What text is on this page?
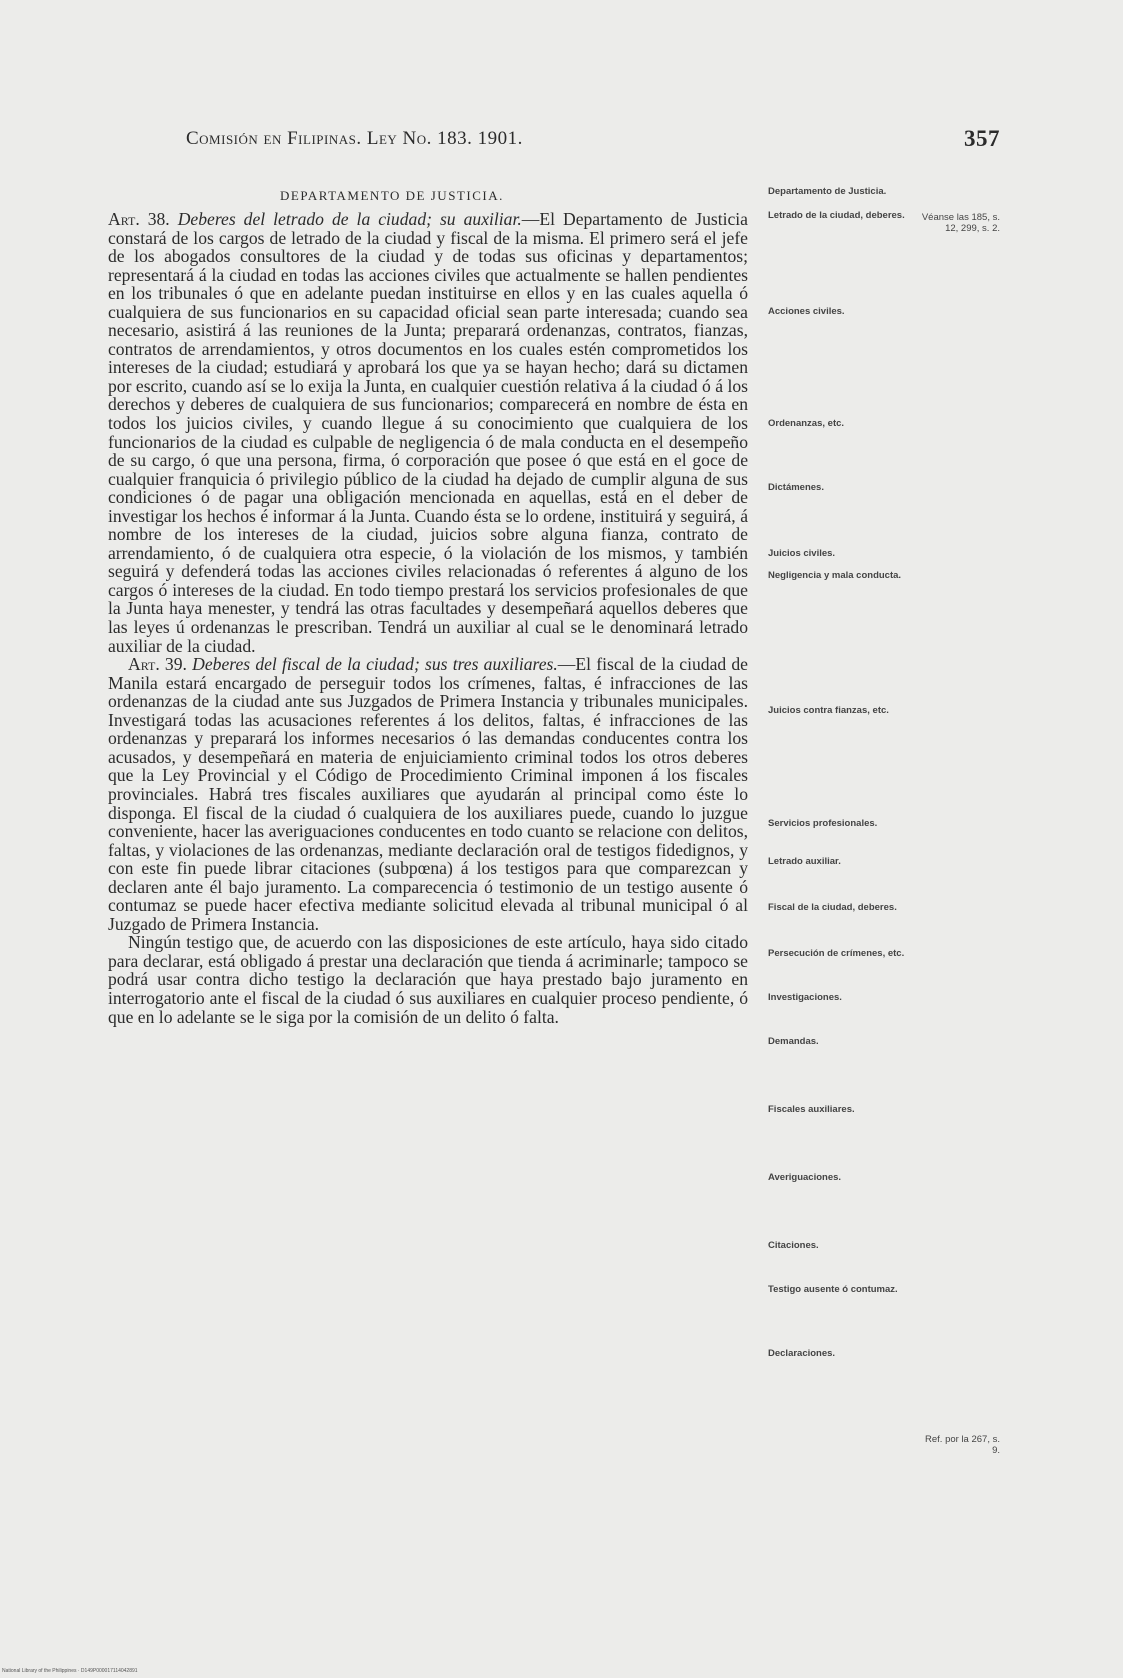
Comisión en Filipinas. Ley No. 183. 1901.	357
DEPARTAMENTO DE JUSTICIA.

Art. 38. Deberes del letrado de la ciudad; su auxiliar.—El Departamento de Justicia constará de los cargos de letrado de la ciudad y fiscal de la misma. El primero será el jefe de los abogados consultores de la ciudad y de todas sus oficinas y departamentos; representará á la ciudad en todas las acciones civiles que actualmente se hallen pendientes en los tribunales ó que en adelante puedan instituirse en ellos y en las cuales aquella ó cualquiera de sus funcionarios en su capacidad oficial sean parte interesada; cuando sea necesario, asistirá á las reuniones de la Junta; preparará ordenanzas, contratos, fianzas, contratos de arrendamientos, y otros documentos en los cuales estén comprometidos los intereses de la ciudad; estudiará y aprobará los que ya se hayan hecho; dará su dictamen por escrito, cuando así se lo exija la Junta, en cualquier cuestión relativa á la ciudad ó á los derechos y deberes de cualquiera de sus funcionarios; comparecerá en nombre de ésta en todos los juicios civiles, y cuando llegue á su conocimiento que cualquiera de los funcionarios de la ciudad es culpable de negligencia ó de mala conducta en el desempeño de su cargo, ó que una persona, firma, ó corporación que posee ó que está en el goce de cualquier franquicia ó privilegio público de la ciudad ha dejado de cumplir alguna de sus condiciones ó de pagar una obligación mencionada en aquellas, está en el deber de investigar los hechos é informar á la Junta. Cuando ésta se lo ordene, instituirá y seguirá, á nombre de los intereses de la ciudad, juicios sobre alguna fianza, contrato de arrendamiento, ó de cualquiera otra especie, ó la violación de los mismos, y también seguirá y defenderá todas las acciones civiles relacionadas ó referentes á alguno de los cargos ó intereses de la ciudad. En todo tiempo prestará los servicios profesionales de que la Junta haya menester, y tendrá las otras facultades y desempeñará aquellos deberes que las leyes ú ordenanzas le prescriban. Tendrá un auxiliar al cual se le denominará letrado auxiliar de la ciudad.

Art. 39. Deberes del fiscal de la ciudad; sus tres auxiliares.—El fiscal de la ciudad de Manila estará encargado de perseguir todos los crímenes, faltas, é infracciones de las ordenanzas de la ciudad ante sus Juzgados de Primera Instancia y tribunales municipales. Investigará todas las acusaciones referentes á los delitos, faltas, é infracciones de las ordenanzas y preparará los informes necesarios ó las demandas conducentes contra los acusados, y desempeñará en materia de enjuiciamiento criminal todos los otros deberes que la Ley Provincial y el Código de Procedimiento Criminal imponen á los fiscales provinciales. Habrá tres fiscales auxiliares que ayudarán al principal como éste lo disponga. El fiscal de la ciudad ó cualquiera de los auxiliares puede, cuando lo juzgue conveniente, hacer las averiguaciones conducentes en todo cuanto se relacione con delitos, faltas, y violaciones de las ordenanzas, mediante declaración oral de testigos fidedignos, y con este fin puede librar citaciones (subpœna) á los testigos para que comparezcan y declaren ante él bajo juramento. La comparecencia ó testimonio de un testigo ausente ó contumaz se puede hacer efectiva mediante solicitud elevada al tribunal municipal ó al Juzgado de Primera Instancia.

Ningún testigo que, de acuerdo con las disposiciones de este artículo, haya sido citado para declarar, está obligado á prestar una declaración que tienda á acriminarle; tampoco se podrá usar contra dicho testigo la declaración que haya prestado bajo juramento en interrogatorio ante el fiscal de la ciudad ó sus auxiliares en cualquier proceso pendiente, ó que en lo adelante se le siga por la comisión de un delito ó falta.

Departamento de Justicia.
Letrado de la ciudad, deberes.
Acciones civiles.
Ordenanzas, etc.
Dictámenes.
Juicios civiles.
Negligencia y mala conducta.
Juicios contra fianzas, etc.
Servicios profesionales.
Letrado auxiliar.
Fiscal de la ciudad, deberes.
Persecución de crímenes, etc.
Investigaciones.
Demandas.
Fiscales auxiliares.
Averiguaciones.
Citaciones.
Testigo ausente ó contumaz.
Declaraciones.
Véanse las 185, s. 12, 299, s. 2.
Ref. por la 267, s. 9.
National Library of the Philippines · D149P000017114042891
